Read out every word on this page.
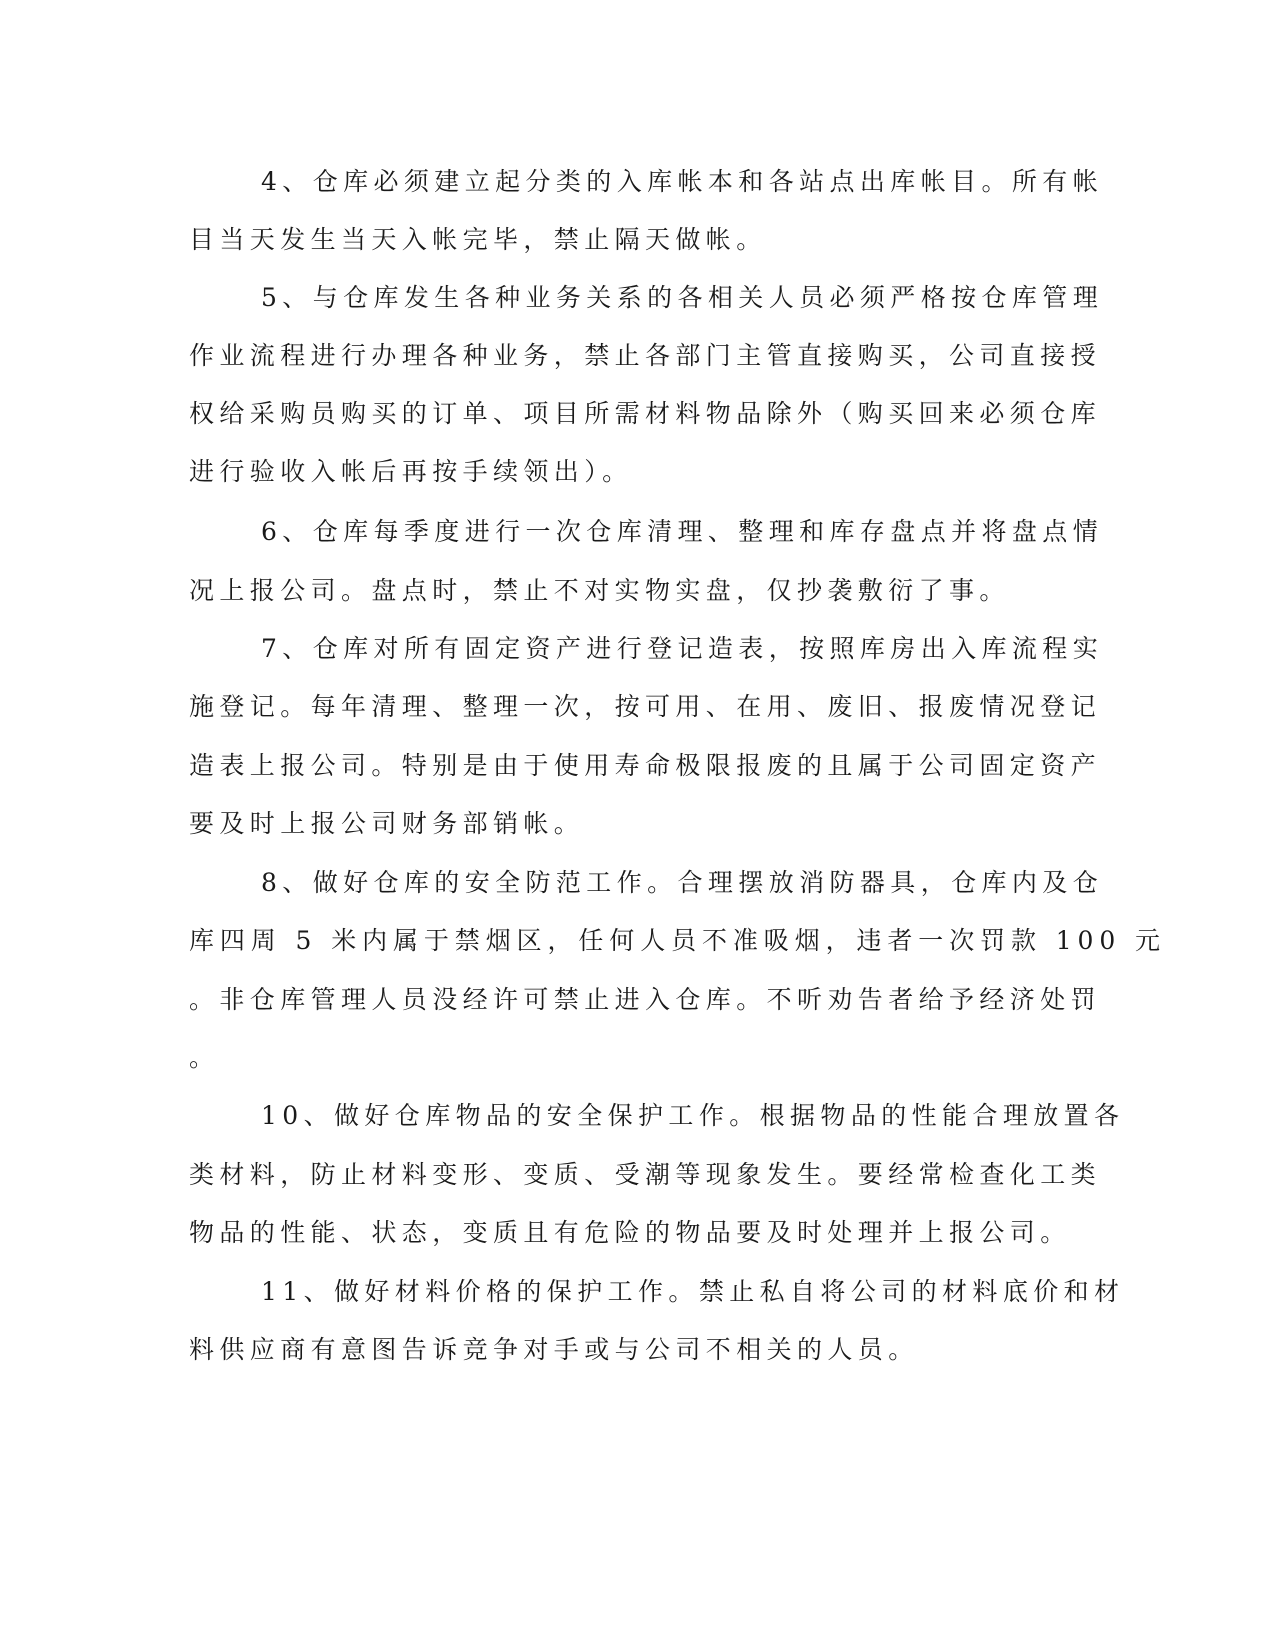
4、仓库必须建立起分类的入库帐本和各站点出库帐目。所有帐
目当天发生当天入帐完毕，禁止隔天做帐。
5、与仓库发生各种业务关系的各相关人员必须严格按仓库管理
作业流程进行办理各种业务，禁止各部门主管直接购买，公司直接授
权给采购员购买的订单、项目所需材料物品除外（购买回来必须仓库
进行验收入帐后再按手续领出）。
6、仓库每季度进行一次仓库清理、整理和库存盘点并将盘点情
况上报公司。盘点时，禁止不对实物实盘，仅抄袭敷衍了事。
7、仓库对所有固定资产进行登记造表，按照库房出入库流程实
施登记。每年清理、整理一次，按可用、在用、废旧、报废情况登记
造表上报公司。特别是由于使用寿命极限报废的且属于公司固定资产
要及时上报公司财务部销帐。
8、做好仓库的安全防范工作。合理摆放消防器具，仓库内及仓
库四周 5 米内属于禁烟区，任何人员不准吸烟，违者一次罚款 100 元
。非仓库管理人员没经许可禁止进入仓库。不听劝告者给予经济处罚
。
10、做好仓库物品的安全保护工作。根据物品的性能合理放置各
类材料，防止材料变形、变质、受潮等现象发生。要经常检查化工类
物品的性能、状态，变质且有危险的物品要及时处理并上报公司。
11、做好材料价格的保护工作。禁止私自将公司的材料底价和材
料供应商有意图告诉竞争对手或与公司不相关的人员。
